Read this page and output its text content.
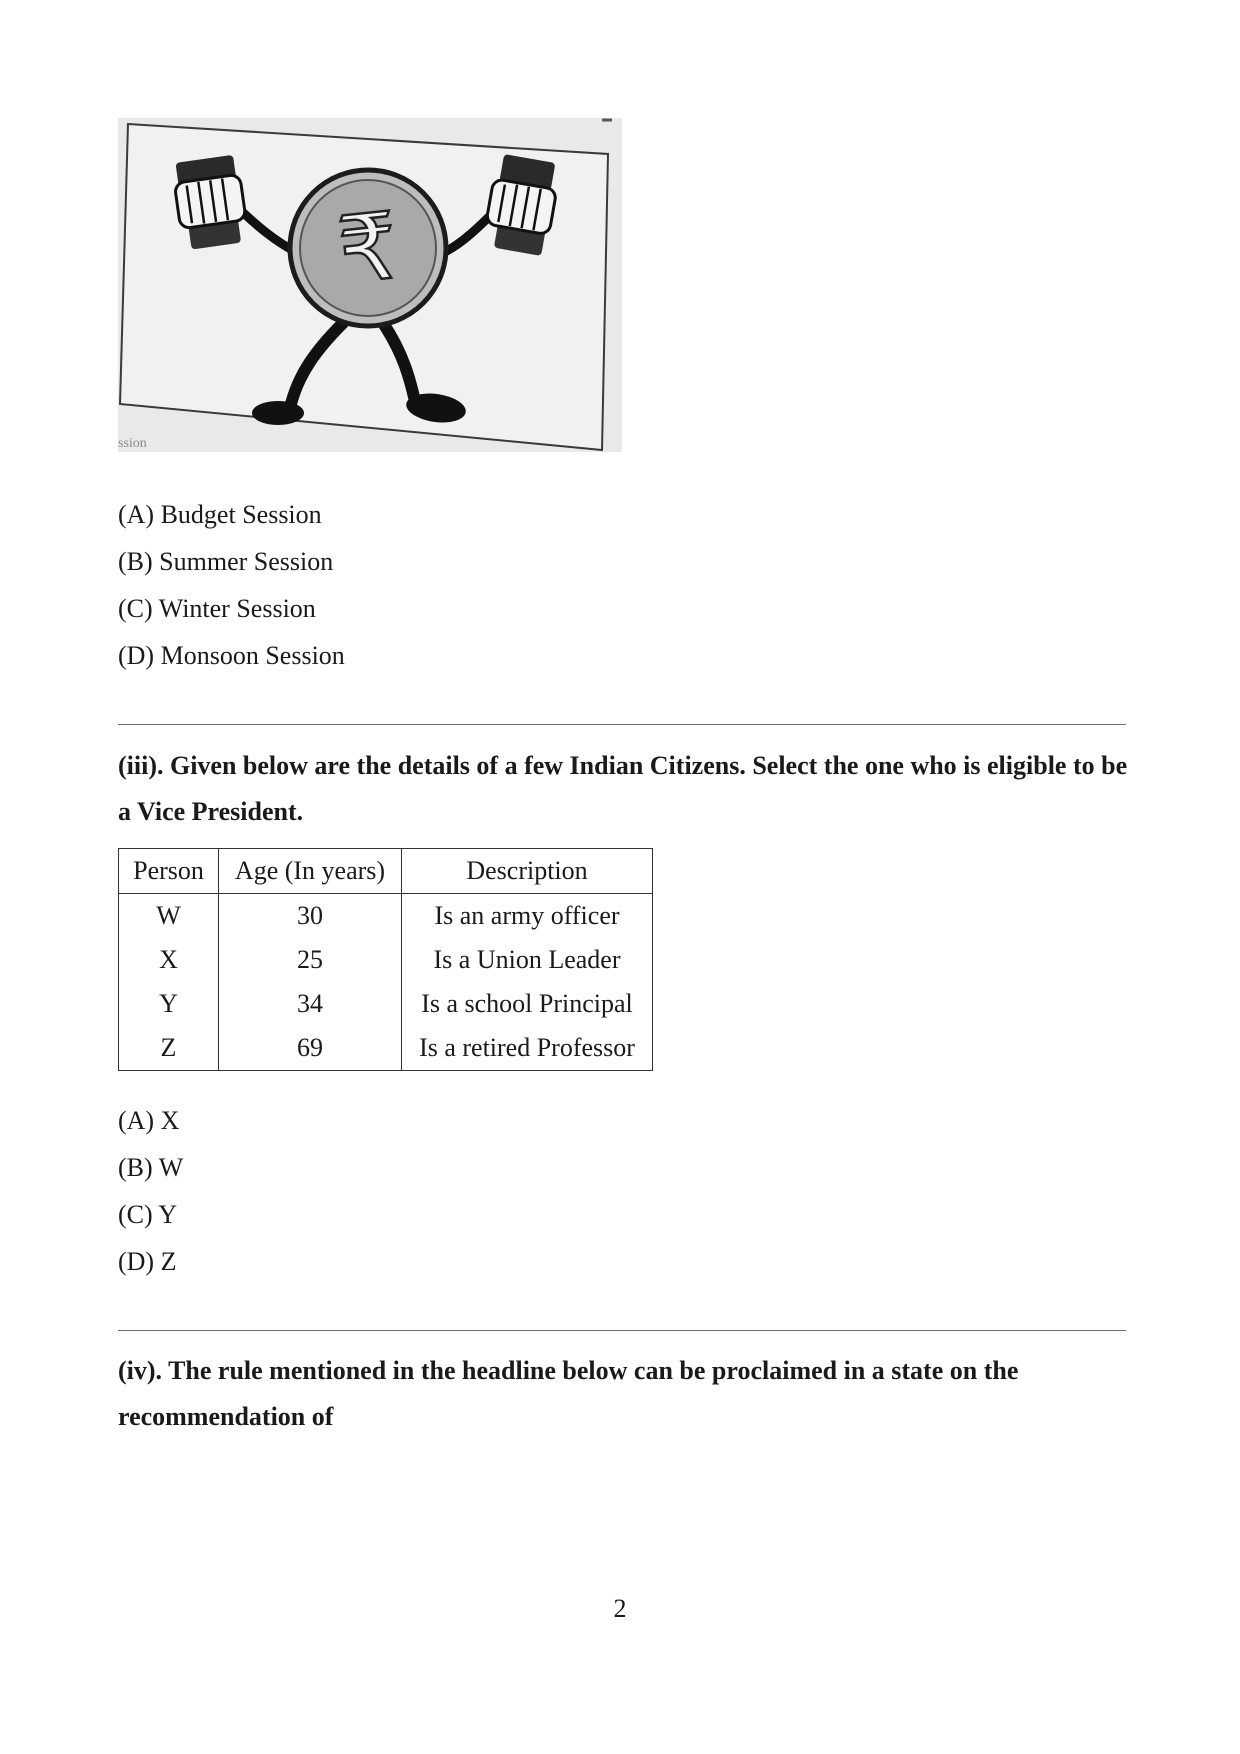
₹
ssion
(A) Budget Session
(B) Summer Session
(C) Winter Session
(D) Monsoon Session
(iii). Given below are the details of a few Indian Citizens. Select the one who is eligible to be a Vice President.
Person	Age (In years)	Description
W	30	Is an army officer
X	25	Is a Union Leader
Y	34	Is a school Principal
Z	69	Is a retired Professor
(A) X
(B) W
(C) Y
(D) Z
(iv). The rule mentioned in the headline below can be proclaimed in a state on the recommendation of
2
